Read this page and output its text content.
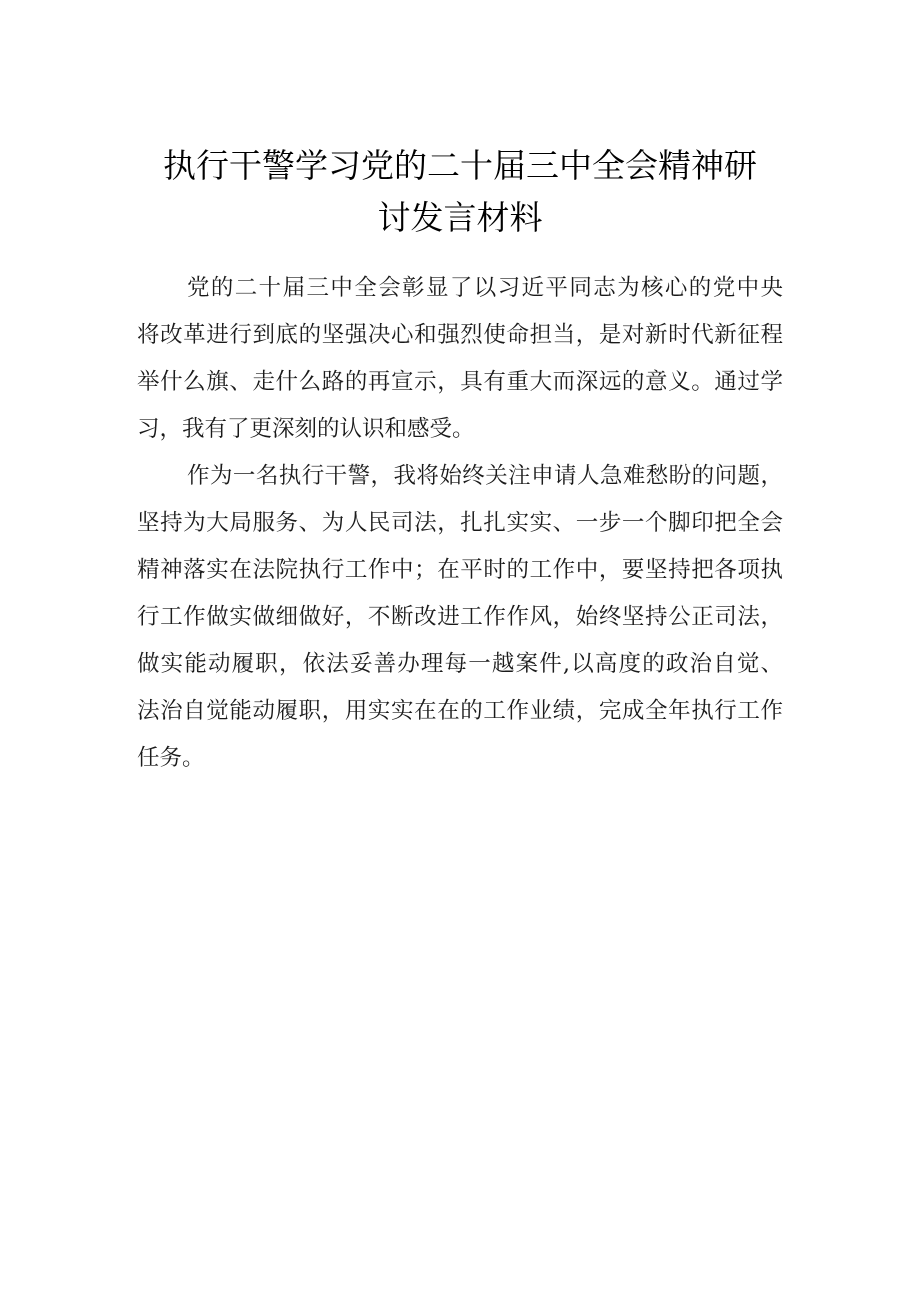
执行干警学习党的二十届三中全会精神研
讨发言材料
党的二十届三中全会彰显了以习近平同志为核心的党中央
将改革进行到底的坚强决心和强烈使命担当，是对新时代新征程
举什么旗、走什么路的再宣示，具有重大而深远的意义。通过学
习，我有了更深刻的认识和感受。
作为一名执行干警，我将始终关注申请人急难愁盼的问题，
坚持为大局服务、为人民司法，扎扎实实、一步一个脚印把全会
精神落实在法院执行工作中；在平时的工作中，要坚持把各项执
行工作做实做细做好，不断改进工作作风，始终坚持公正司法，
做实能动履职，依法妥善办理每一越案件,以高度的政治自觉、
法治自觉能动履职，用实实在在的工作业绩，完成全年执行工作
任务。
